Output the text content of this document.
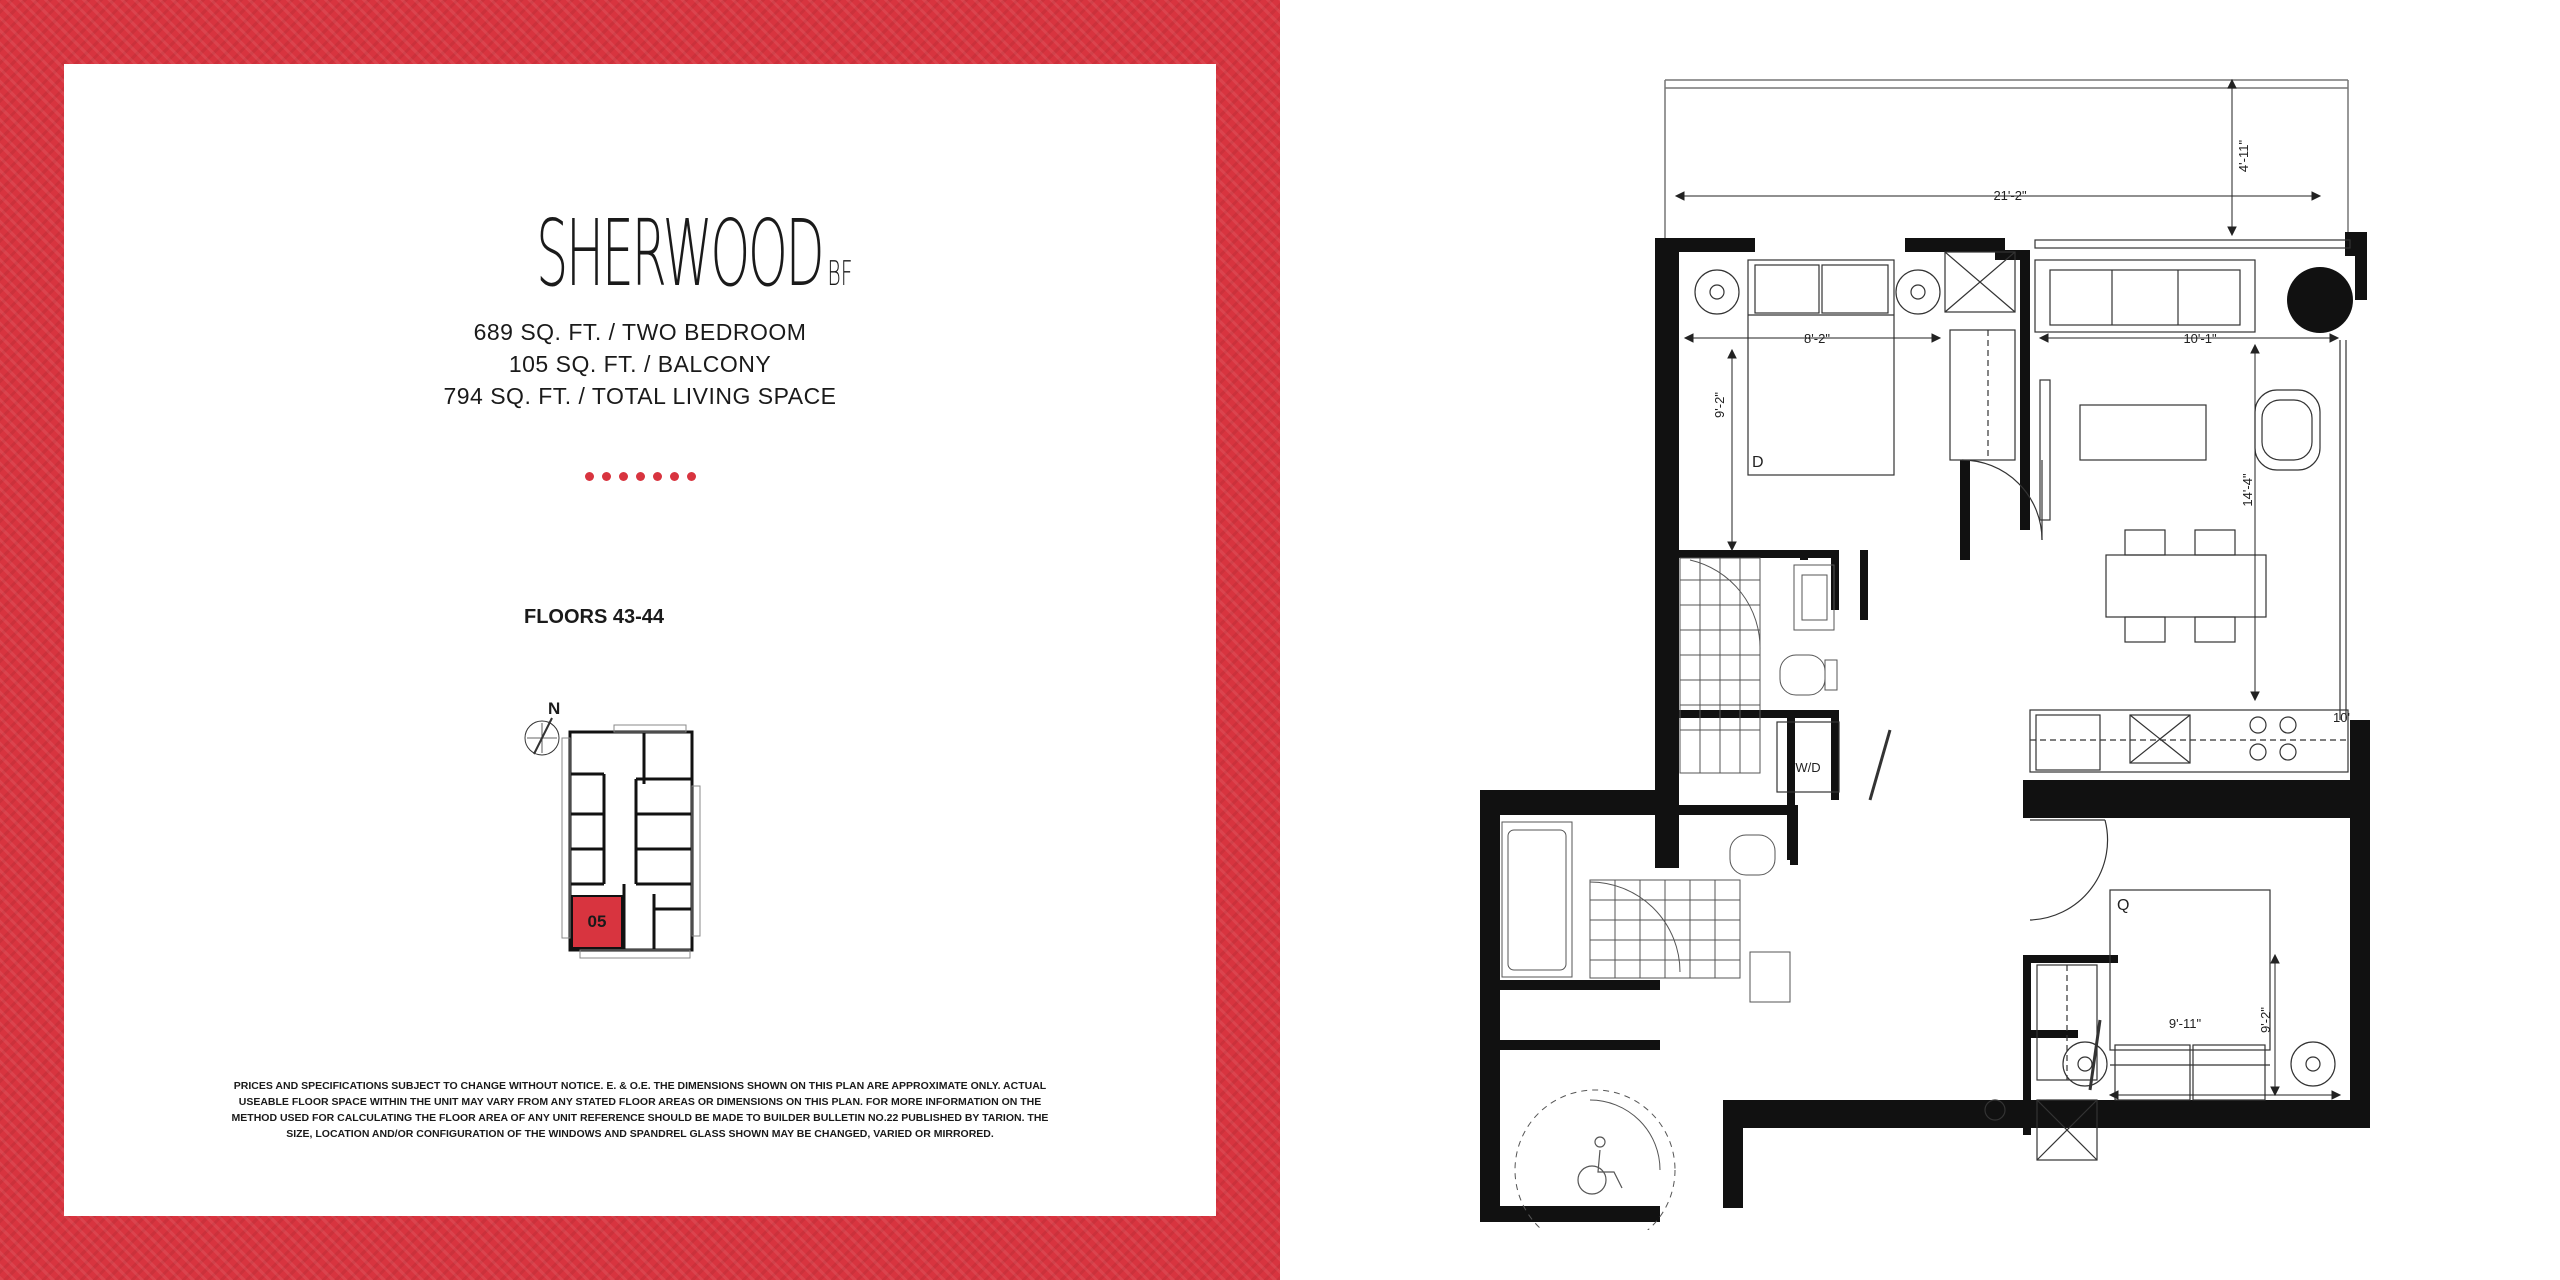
SHERWOOD BF
689 SQ. FT. / TWO BEDROOM
105 SQ. FT. / BALCONY
794 SQ. FT. / TOTAL LIVING SPACE
FLOORS 43-44
N
05
PRICES AND SPECIFICATIONS SUBJECT TO CHANGE WITHOUT NOTICE. E. & O.E. THE DIMENSIONS SHOWN ON THIS PLAN ARE APPROXIMATE ONLY. ACTUAL
USEABLE FLOOR SPACE WITHIN THE UNIT MAY VARY FROM ANY STATED FLOOR AREAS OR DIMENSIONS ON THIS PLAN. FOR MORE INFORMATION ON THE
METHOD USED FOR CALCULATING THE FLOOR AREA OF ANY UNIT REFERENCE SHOULD BE MADE TO BUILDER BULLETIN NO.22 PUBLISHED BY TARION. THE
SIZE, LOCATION AND/OR CONFIGURATION OF THE WINDOWS AND SPANDREL GLASS SHOWN MAY BE CHANGED, VARIED OR MIRRORED.
21'-2"
4'-11"
8'-2"
9'-2"
D
10'-1"
14'-4"
10'
W/D
9'-11"	9'-2"
Q
